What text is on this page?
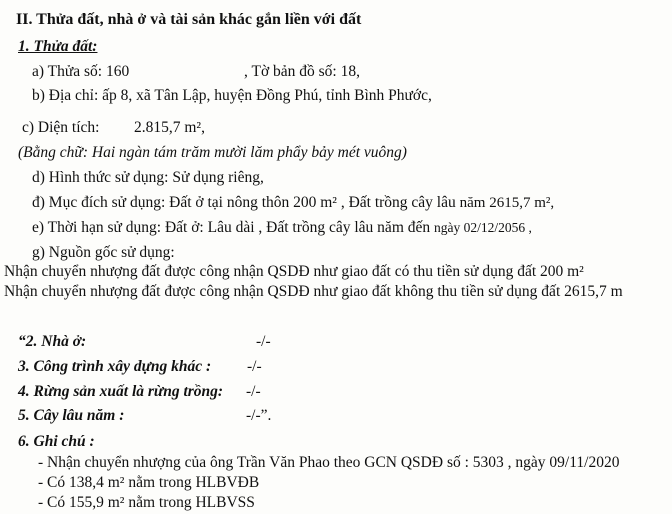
II. Thửa đất, nhà ở và tài sản khác gắn liền với đất
1. Thửa đất:
a) Thửa số: 160	, Tờ bản đồ số: 18,
b) Địa chỉ: ấp 8, xã Tân Lập, huyện Đồng Phú, tỉnh Bình Phước,
c) Diện tích: 2.815,7 m²,
(Bằng chữ: Hai ngàn tám trăm mười lăm phẩy bảy mét vuông)
d) Hình thức sử dụng: Sử dụng riêng,
đ) Mục đích sử dụng: Đất ở tại nông thôn 200 m² , Đất trồng cây lâu năm 2615,7 m²,
e) Thời hạn sử dụng: Đất ở: Lâu dài , Đất trồng cây lâu năm đến ngày 02/12/2056 ,
g) Nguồn gốc sử dụng:
Nhận chuyển nhượng đất được công nhận QSDĐ như giao đất có thu tiền sử dụng đất 200 m²
Nhận chuyển nhượng đất được công nhận QSDĐ như giao đất không thu tiền sử dụng đất 2615,7 m
“2. Nhà ở:	-/-
3. Công trình xây dựng khác : -/-
4. Rừng sản xuất là rừng trồng: -/-
5. Cây lâu năm :	-/-”.
6. Ghi chú :
- Nhận chuyển nhượng của ông Trần Văn Phao theo GCN QSDĐ số : 5303 , ngày 09/11/2020
- Có 138,4 m² nằm trong HLBVĐB
- Có 155,9 m² nằm trong HLBVSS
